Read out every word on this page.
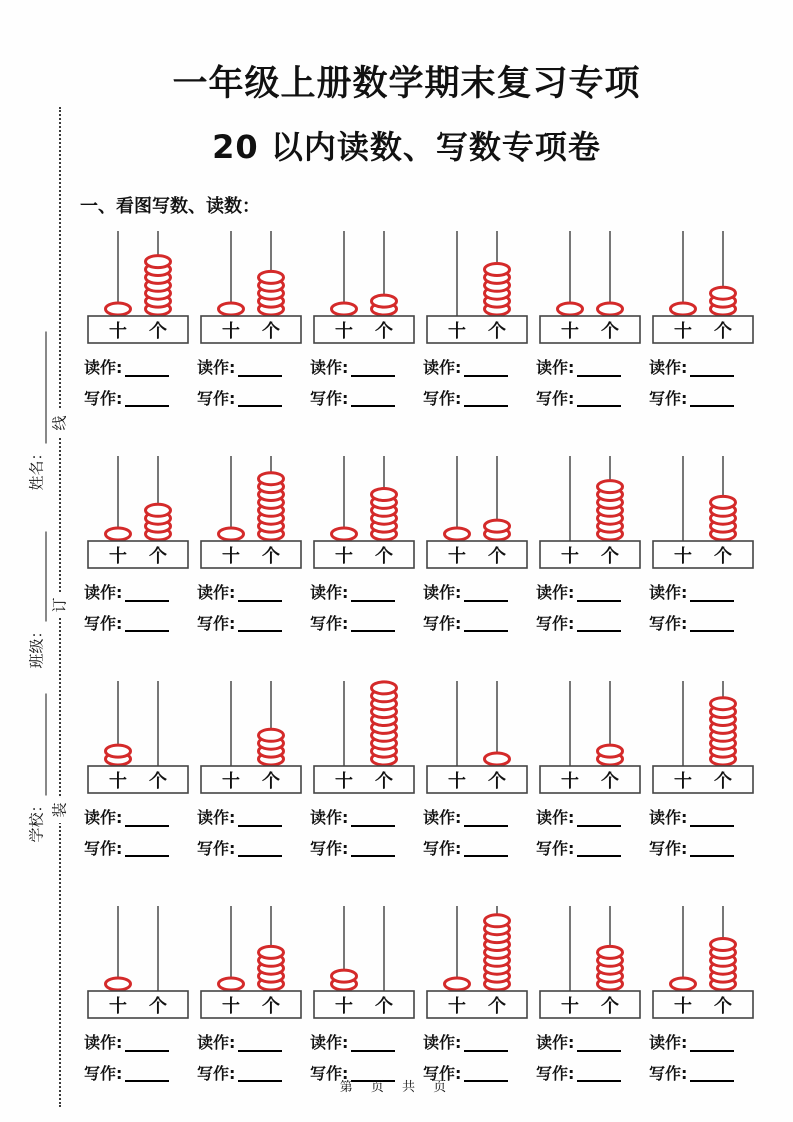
线
订
装
姓名：
班级：
学校：
一年级上册数学期末复习专项
20 以内读数、写数专项卷
一、看图写数、读数：
十 个
读作:
写作:
十 个
读作:
写作:
十 个
读作:
写作:
十 个
读作:
写作:
十 个
读作:
写作:
十 个
读作:
写作:
十 个
读作:
写作:
十 个
读作:
写作:
十 个
读作:
写作:
十 个
读作:
写作:
十 个
读作:
写作:
十 个
读作:
写作:
十 个
读作:
写作:
十 个
读作:
写作:
十 个
读作:
写作:
十 个
读作:
写作:
十 个
读作:
写作:
十 个
读作:
写作:
十 个
读作:
写作:
十 个
读作:
写作:
十 个
读作:
写作:
十 个
读作:
写作:
十 个
读作:
写作:
十 个
读作:
写作:
第 页 共 页
